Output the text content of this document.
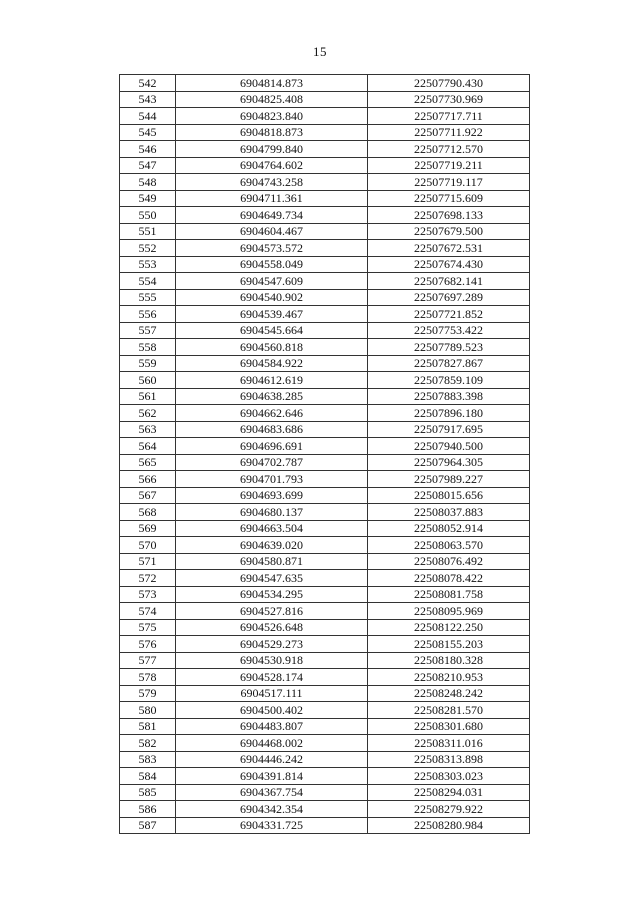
15
542	6904814.873	22507790.430
543	6904825.408	22507730.969
544	6904823.840	22507717.711
545	6904818.873	22507711.922
546	6904799.840	22507712.570
547	6904764.602	22507719.211
548	6904743.258	22507719.117
549	6904711.361	22507715.609
550	6904649.734	22507698.133
551	6904604.467	22507679.500
552	6904573.572	22507672.531
553	6904558.049	22507674.430
554	6904547.609	22507682.141
555	6904540.902	22507697.289
556	6904539.467	22507721.852
557	6904545.664	22507753.422
558	6904560.818	22507789.523
559	6904584.922	22507827.867
560	6904612.619	22507859.109
561	6904638.285	22507883.398
562	6904662.646	22507896.180
563	6904683.686	22507917.695
564	6904696.691	22507940.500
565	6904702.787	22507964.305
566	6904701.793	22507989.227
567	6904693.699	22508015.656
568	6904680.137	22508037.883
569	6904663.504	22508052.914
570	6904639.020	22508063.570
571	6904580.871	22508076.492
572	6904547.635	22508078.422
573	6904534.295	22508081.758
574	6904527.816	22508095.969
575	6904526.648	22508122.250
576	6904529.273	22508155.203
577	6904530.918	22508180.328
578	6904528.174	22508210.953
579	6904517.111	22508248.242
580	6904500.402	22508281.570
581	6904483.807	22508301.680
582	6904468.002	22508311.016
583	6904446.242	22508313.898
584	6904391.814	22508303.023
585	6904367.754	22508294.031
586	6904342.354	22508279.922
587	6904331.725	22508280.984
